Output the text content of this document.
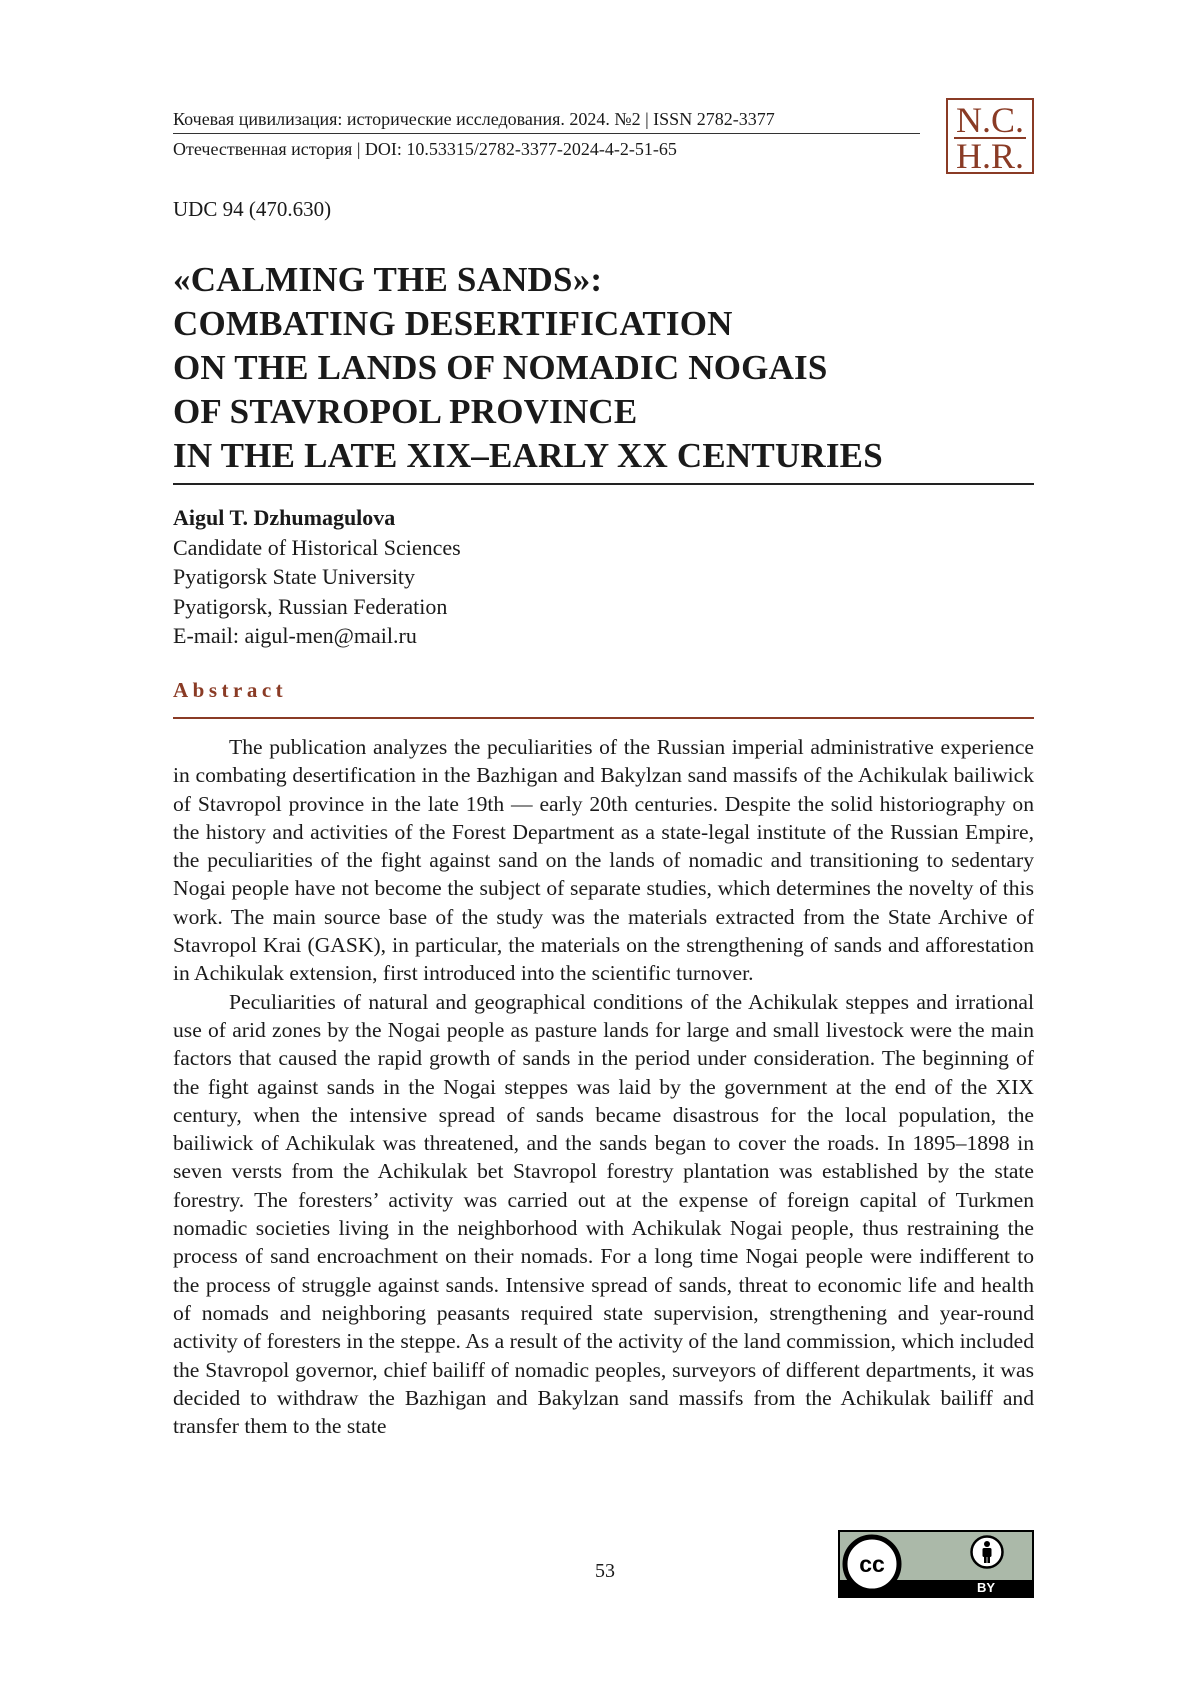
Кочевая цивилизация: исторические исследования. 2024. №2 | ISSN 2782-3377
Отечественная история | DOI: 10.53315/2782-3377-2024-4-2-51-65
N.C.
H.R.
UDC 94 (470.630)
«CALMING THE SANDS»:
COMBATING DESERTIFICATION
ON THE LANDS OF NOMADIC NOGAIS
OF STAVROPOL PROVINCE
IN THE LATE XIX–EARLY XX CENTURIES
Aigul T. Dzhumagulova
Candidate of Historical Sciences
Pyatigorsk State University
Pyatigorsk, Russian Federation
E-mail: aigul-men@mail.ru
Abstract

The publication analyzes the peculiarities of the Russian imperial administrative experience in combating desertification in the Bazhigan and Bakylzan sand massifs of the Achikulak bailiwick of Stavropol province in the late 19th — early 20th centuries. Despite the solid historiography on the history and activities of the Forest Department as a state-legal institute of the Russian Empire, the peculiarities of the fight against sand on the lands of nomadic and transitioning to sedentary Nogai people have not become the subject of separate studies, which determines the novelty of this work. The main source base of the study was the materials extracted from the State Archive of Stavropol Krai (GASK), in particular, the materials on the strengthening of sands and afforestation in Achikulak extension, first introduced into the scientific turnover.

Peculiarities of natural and geographical conditions of the Achikulak steppes and irrational use of arid zones by the Nogai people as pasture lands for large and small livestock were the main factors that caused the rapid growth of sands in the period under consideration. The beginning of the fight against sands in the Nogai steppes was laid by the government at the end of the XIX century, when the intensive spread of sands became disastrous for the local population, the bailiwick of Achikulak was threatened, and the sands began to cover the roads. In 1895–1898 in seven versts from the Achikulak bet Stavropol forestry plantation was established by the state forestry. The foresters’ activity was carried out at the expense of foreign capital of Turkmen nomadic societies living in the neighborhood with Achikulak Nogai people, thus restraining the process of sand encroachment on their nomads. For a long time Nogai people were indifferent to the process of struggle against sands. Intensive spread of sands, threat to economic life and health of nomads and neighboring peasants required state supervision, strengthening and year-round activity of foresters in the steppe. As a result of the activity of the land commission, which included the Stavropol governor, chief bailiff of nomadic peoples, surveyors of different departments, it was decided to withdraw the Bazhigan and Bakylzan sand massifs from the Achikulak bailiff and transfer them to the state

53	cc
BY
